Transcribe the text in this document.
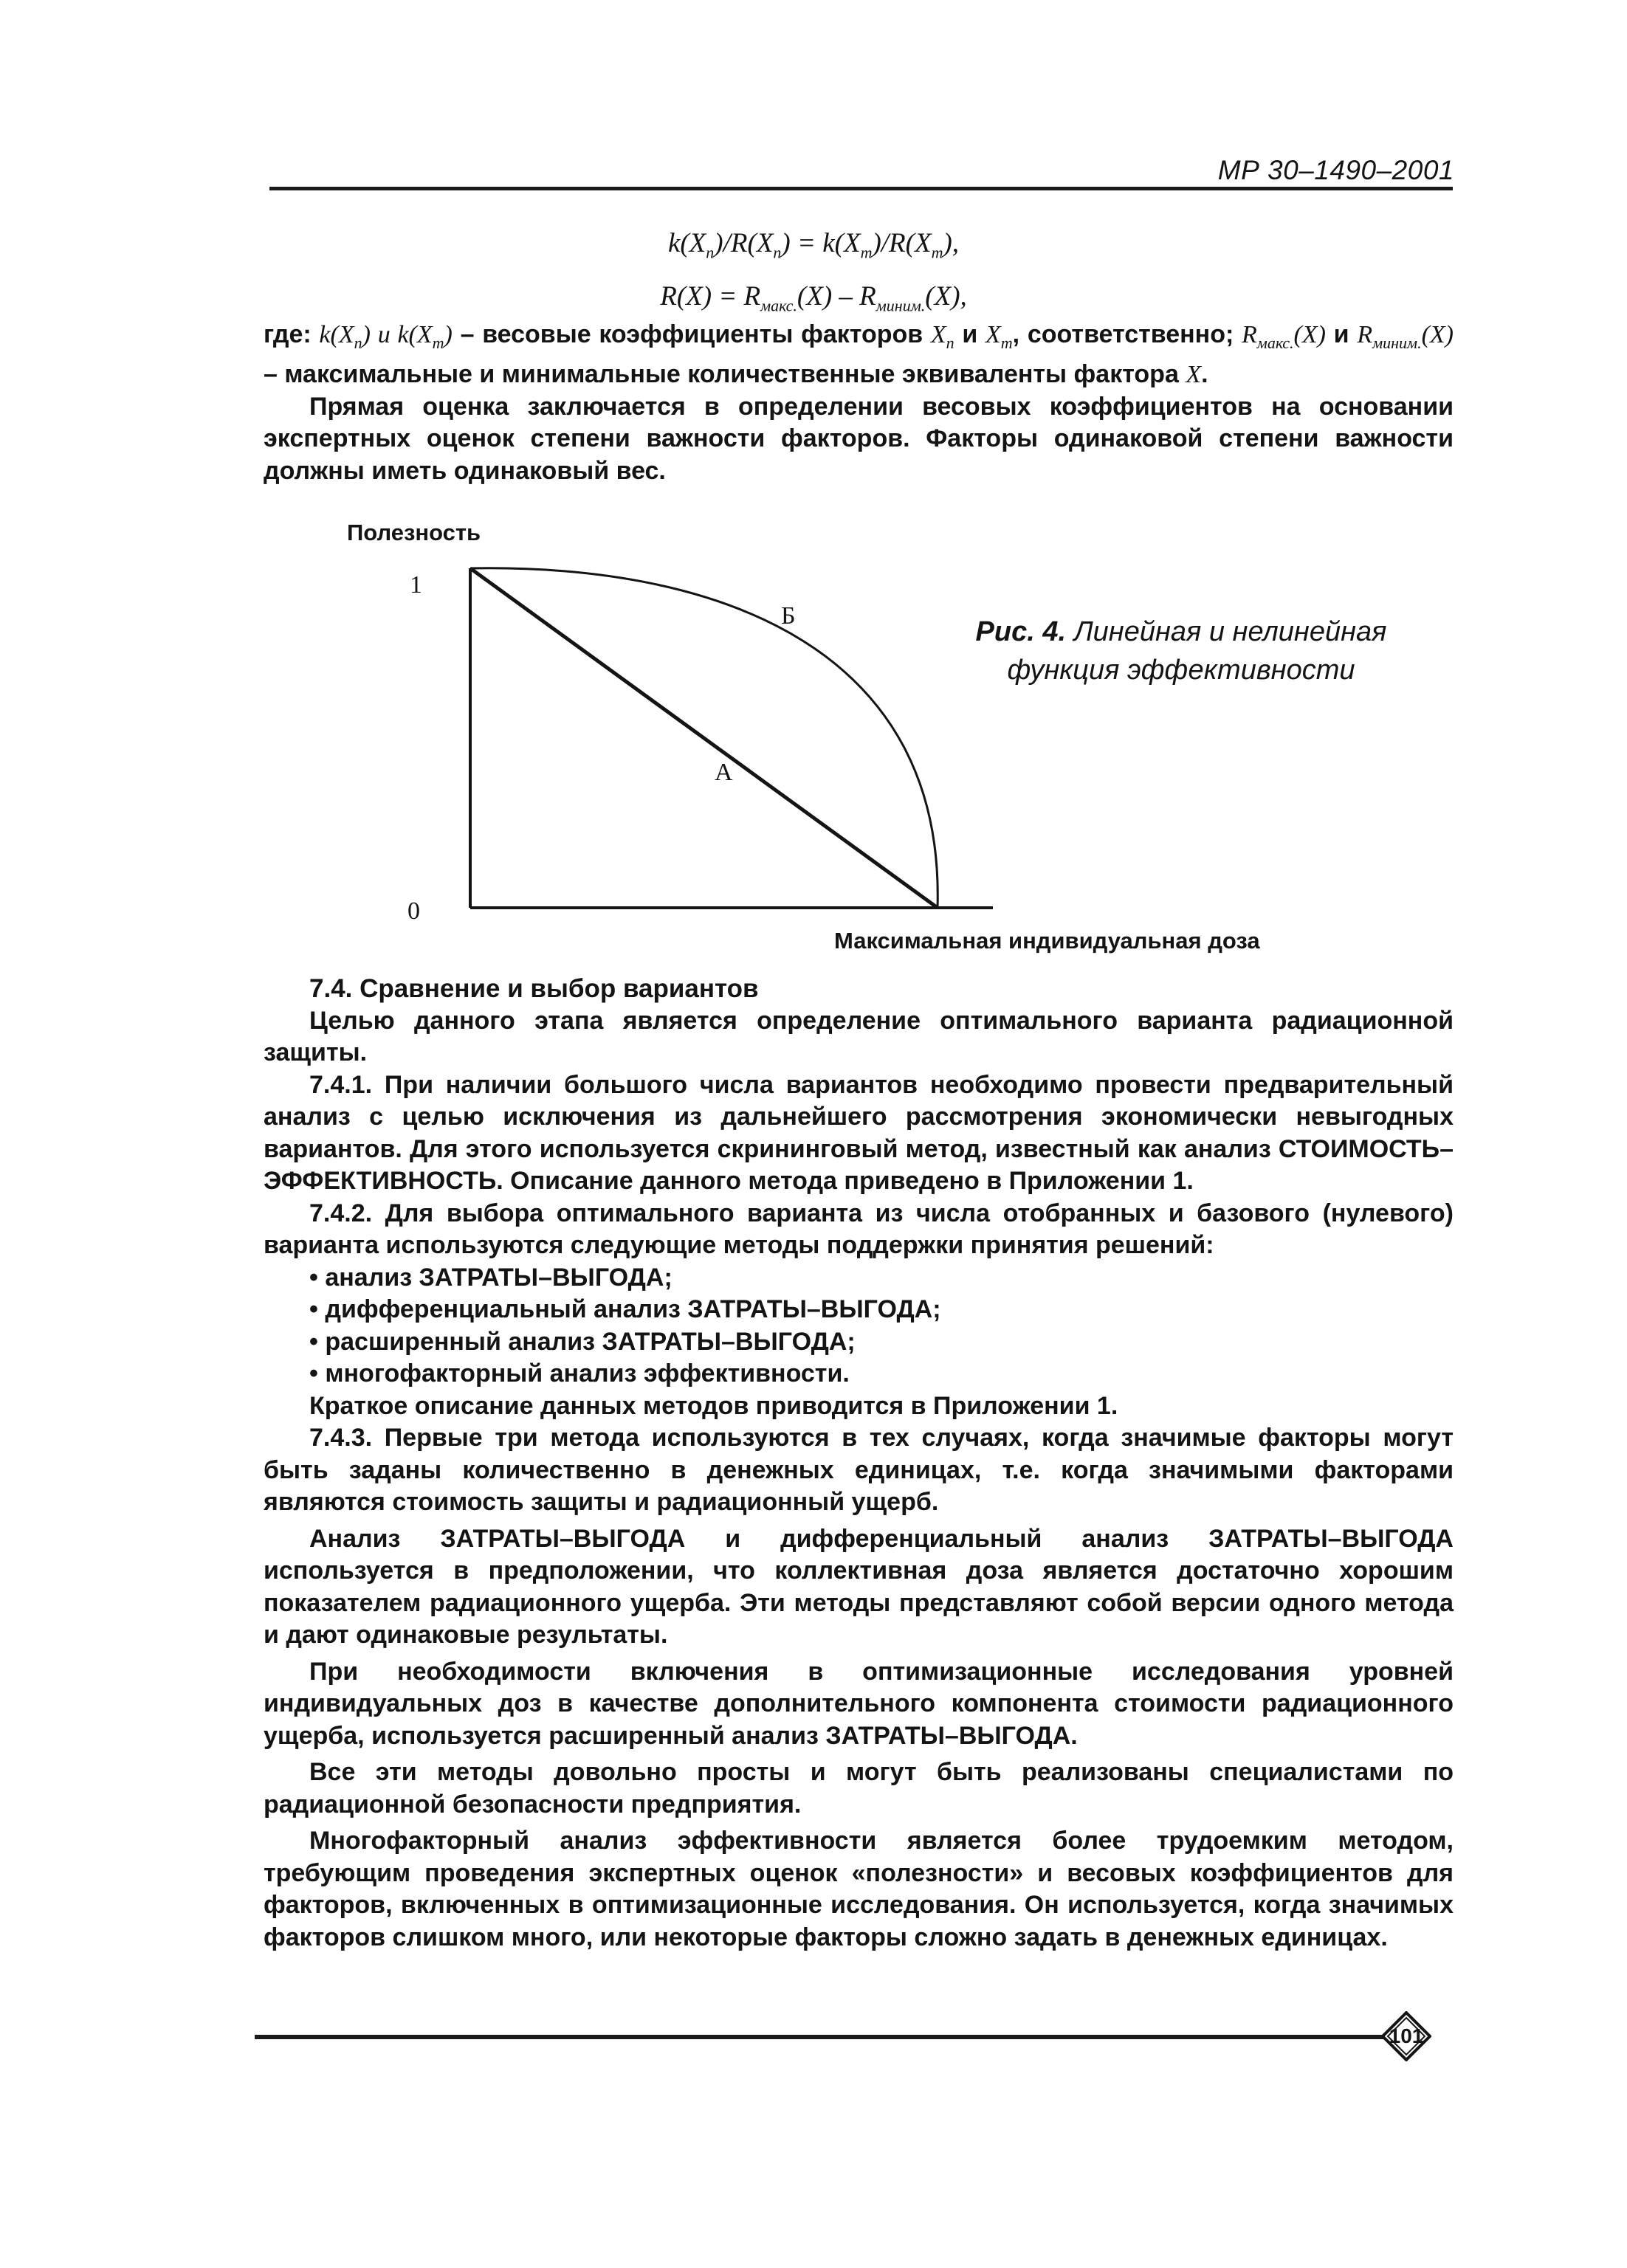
МР 30–1490–2001
$k(X_n)/R(X_n) = k(X_m)/R(X_m)$,
$R(X) = R_{макс.}(X) - R_{миним.}(X)$,

где: $k(X_n)$ и $k(X_m)$ – весовые коэффициенты факторов $X_n$ и $X_m$, соответственно; $R_{макс.}(X)$ и $R_{миним.}(X)$ – максимальные и минимальные количественные эквиваленты фактора X.

Прямая оценка заключается в определении весовых коэффициентов на основании экспертных оценок степени важности факторов. Факторы одинаковой степени важности должны иметь одинаковый вес.

Полезность
1
0
Б
А
Максимальная индивидуальная доза
Рис. 4. Линейная и нелинейная функция эффективности

7.4. Сравнение и выбор вариантов

Целью данного этапа является определение оптимального варианта радиационной защиты.

7.4.1. При наличии большого числа вариантов необходимо провести предварительный анализ с целью исключения из дальнейшего рассмотрения экономически невыгодных вариантов. Для этого используется скрининговый метод, известный как анализ СТОИМОСТЬ–ЭФФЕКТИВНОСТЬ. Описание данного метода приведено в Приложении 1.

7.4.2. Для выбора оптимального варианта из числа отобранных и базового (нулевого) варианта используются следующие методы поддержки принятия решений:

• анализ ЗАТРАТЫ–ВЫГОДА;

• дифференциальный анализ ЗАТРАТЫ–ВЫГОДА;

• расширенный анализ ЗАТРАТЫ–ВЫГОДА;

• многофакторный анализ эффективности.

Краткое описание данных методов приводится в Приложении 1.

7.4.3. Первые три метода используются в тех случаях, когда значимые факторы могут быть заданы количественно в денежных единицах, т.е. когда значимыми факторами являются стоимость защиты и радиационный ущерб.

Анализ ЗАТРАТЫ–ВЫГОДА и дифференциальный анализ ЗАТРАТЫ–ВЫГОДА используется в предположении, что коллективная доза является достаточно хорошим показателем радиационного ущерба. Эти методы представляют собой версии одного метода и дают одинаковые результаты.

При необходимости включения в оптимизационные исследования уровней индивидуальных доз в качестве дополнительного компонента стоимости радиационного ущерба, используется расширенный анализ ЗАТРАТЫ–ВЫГОДА.

Все эти методы довольно просты и могут быть реализованы специалистами по радиационной безопасности предприятия.

Многофакторный анализ эффективности является более трудоемким методом, требующим проведения экспертных оценок «полезности» и весовых коэффициентов для факторов, включенных в оптимизационные исследования. Он используется, когда значимых факторов слишком много, или некоторые факторы сложно задать в денежных единицах.

101
